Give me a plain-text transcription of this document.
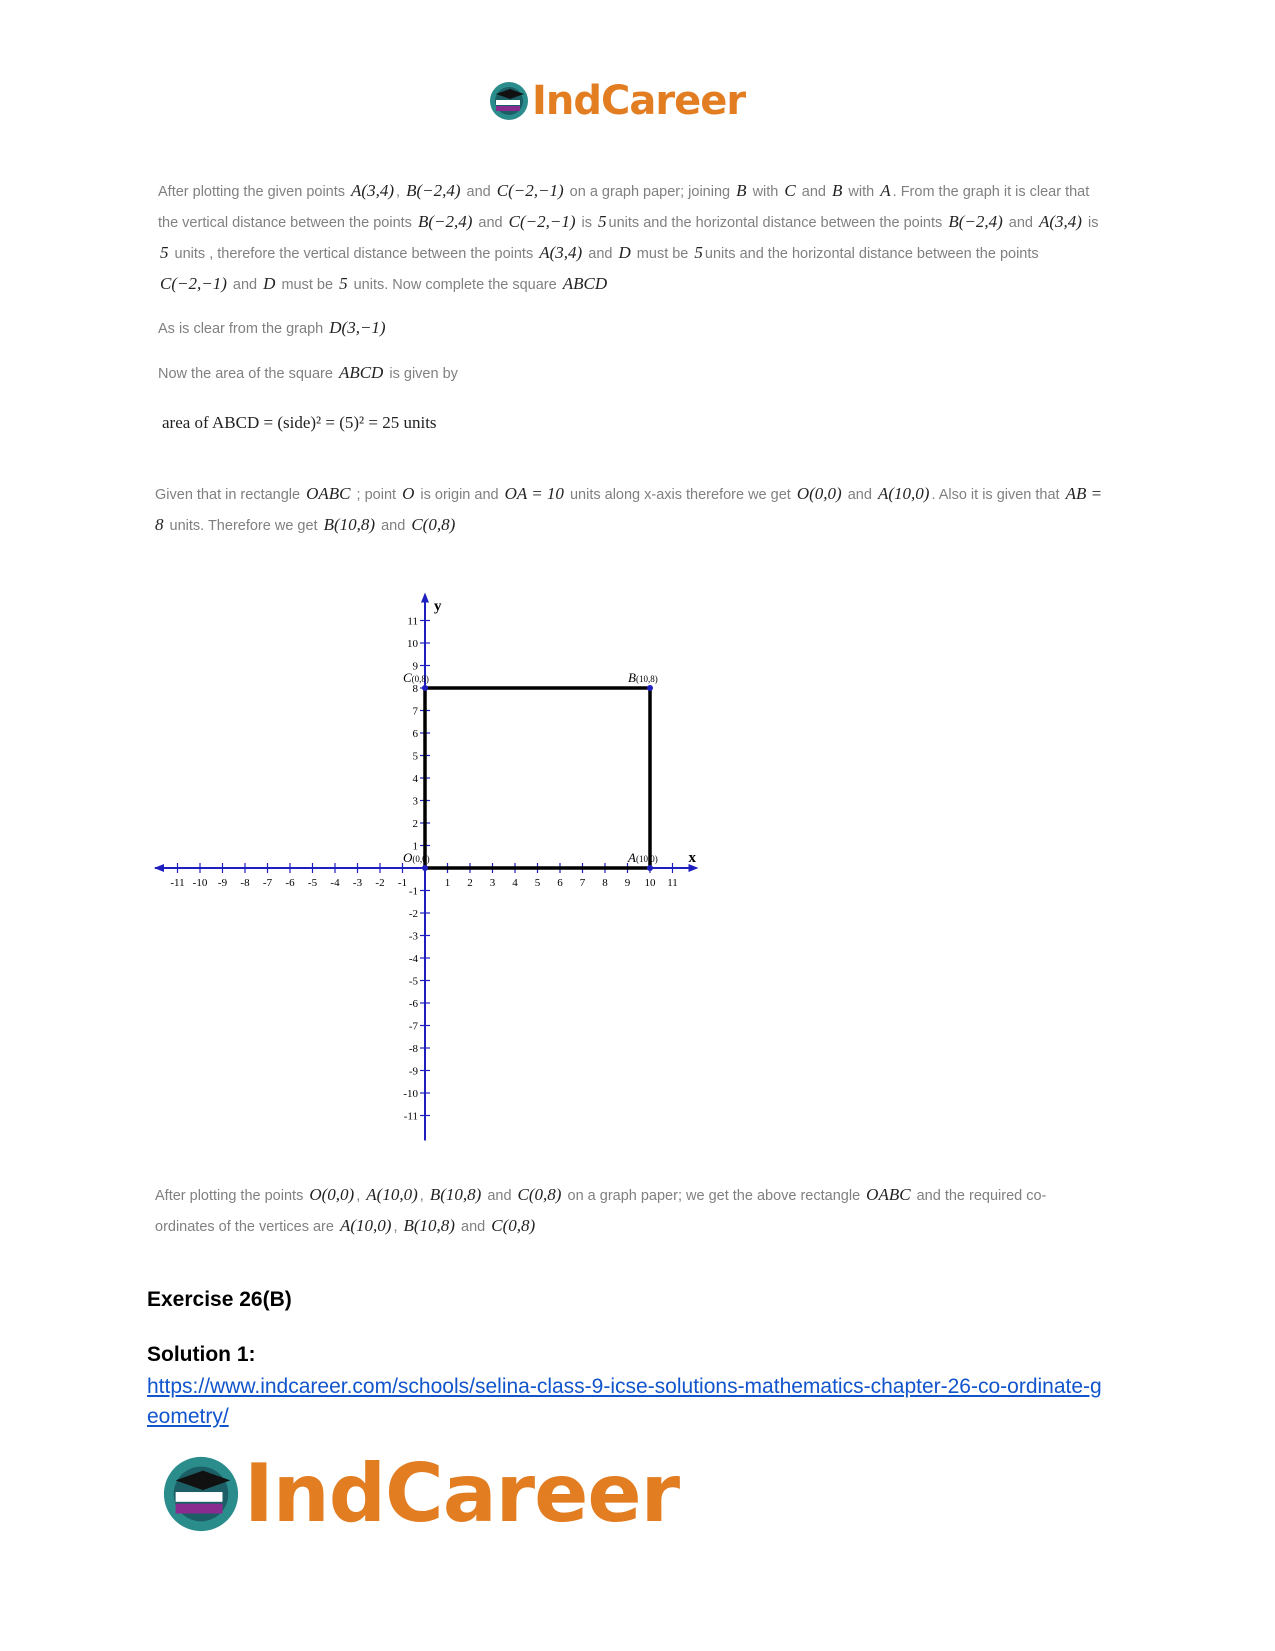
IndCareer
After plotting the given points A(3,4) , B(−2,4) and C(−2,−1) on a graph paper; joining B with C and B with A . From the graph it is clear that the vertical distance between the points B(−2,4) and C(−2,−1) is 5 units and the horizontal distance between the points B(−2,4) and A(3,4) is 5 units , therefore the vertical distance between the points A(3,4) and D must be 5 units and the horizontal distance between the points C(−2,−1) and D must be 5 units. Now complete the square ABCD
As is clear from the graph D(3,−1)
Now the area of the square ABCD is given by
area of ABCD = (side)² = (5)² = 25 units
Given that in rectangle OABC ; point O is origin and OA = 10 units along x-axis therefore we get O(0,0) and A(10,0) . Also it is given that AB = 8 units. Therefore we get B(10,8) and C(0,8)
x
y
-11 -10 -9 -8 -7 -6 -5 -4 -3 -2 -1	1 2 3 4 5 6 7 8 9 10 11
-11
-10
-9
-8
-7
-6
-5
-4
-3
-2
-1
1
2
3
4
5
6
7
8
9
10
11
O(0,0)	A(10,0)
B(10,8)
C(0,8)
After plotting the points O(0,0) , A(10,0) , B(10,8) and C(0,8) on a graph paper; we get the above rectangle OABC and the required co-ordinates of the vertices are A(10,0) , B(10,8) and C(0,8)
Exercise 26(B)
Solution 1:
https://www.indcareer.com/schools/selina-class-9-icse-solutions-mathematics-chapter-26-co-ordinate-geometry/
IndCareer
